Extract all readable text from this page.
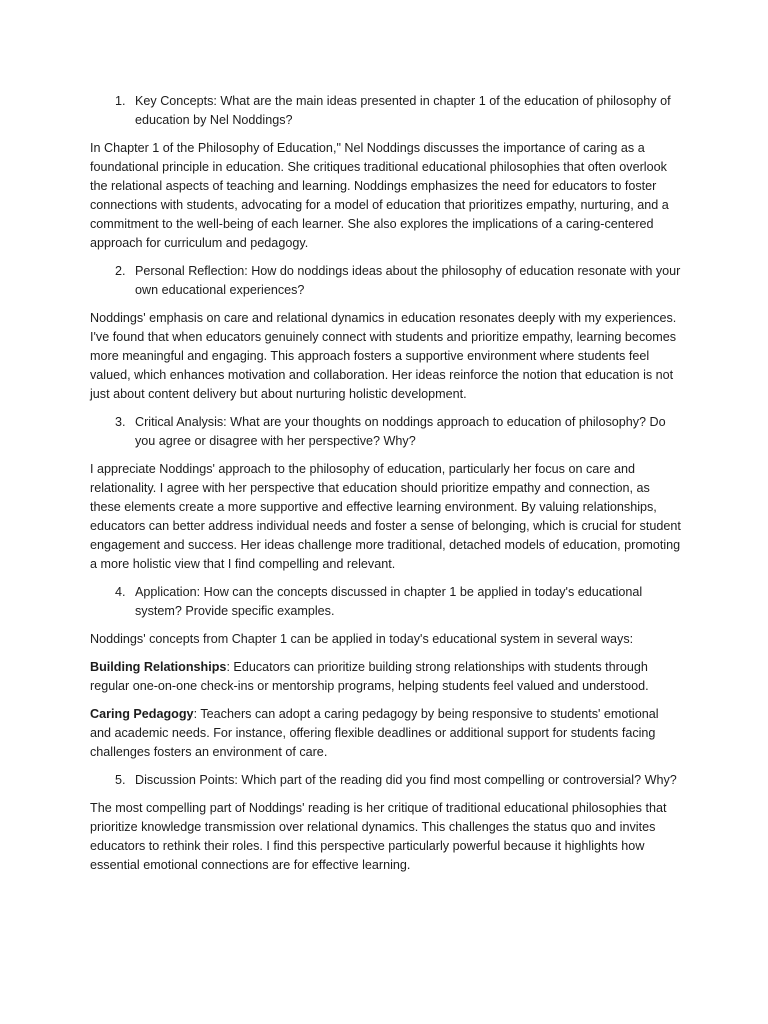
1. Key Concepts: What are the main ideas presented in chapter 1 of the education of philosophy of education by Nel Noddings?

In Chapter 1 of the Philosophy of Education," Nel Noddings discusses the importance of caring as a foundational principle in education. She critiques traditional educational philosophies that often overlook the relational aspects of teaching and learning. Noddings emphasizes the need for educators to foster connections with students, advocating for a model of education that prioritizes empathy, nurturing, and a commitment to the well-being of each learner. She also explores the implications of a caring-centered approach for curriculum and pedagogy.

2. Personal Reflection: How do noddings ideas about the philosophy of education resonate with your own educational experiences?

Noddings' emphasis on care and relational dynamics in education resonates deeply with my experiences. I've found that when educators genuinely connect with students and prioritize empathy, learning becomes more meaningful and engaging. This approach fosters a supportive environment where students feel valued, which enhances motivation and collaboration. Her ideas reinforce the notion that education is not just about content delivery but about nurturing holistic development.

3. Critical Analysis: What are your thoughts on noddings approach to education of philosophy? Do you agree or disagree with her perspective? Why?

I appreciate Noddings' approach to the philosophy of education, particularly her focus on care and relationality. I agree with her perspective that education should prioritize empathy and connection, as these elements create a more supportive and effective learning environment. By valuing relationships, educators can better address individual needs and foster a sense of belonging, which is crucial for student engagement and success. Her ideas challenge more traditional, detached models of education, promoting a more holistic view that I find compelling and relevant.

4. Application: How can the concepts discussed in chapter 1 be applied in today's educational system? Provide specific examples.

Noddings' concepts from Chapter 1 can be applied in today's educational system in several ways:

Building Relationships: Educators can prioritize building strong relationships with students through regular one-on-one check-ins or mentorship programs, helping students feel valued and understood.

Caring Pedagogy: Teachers can adopt a caring pedagogy by being responsive to students' emotional and academic needs. For instance, offering flexible deadlines or additional support for students facing challenges fosters an environment of care.

5. Discussion Points: Which part of the reading did you find most compelling or controversial? Why?

The most compelling part of Noddings' reading is her critique of traditional educational philosophies that prioritize knowledge transmission over relational dynamics. This challenges the status quo and invites educators to rethink their roles. I find this perspective particularly powerful because it highlights how essential emotional connections are for effective learning.
